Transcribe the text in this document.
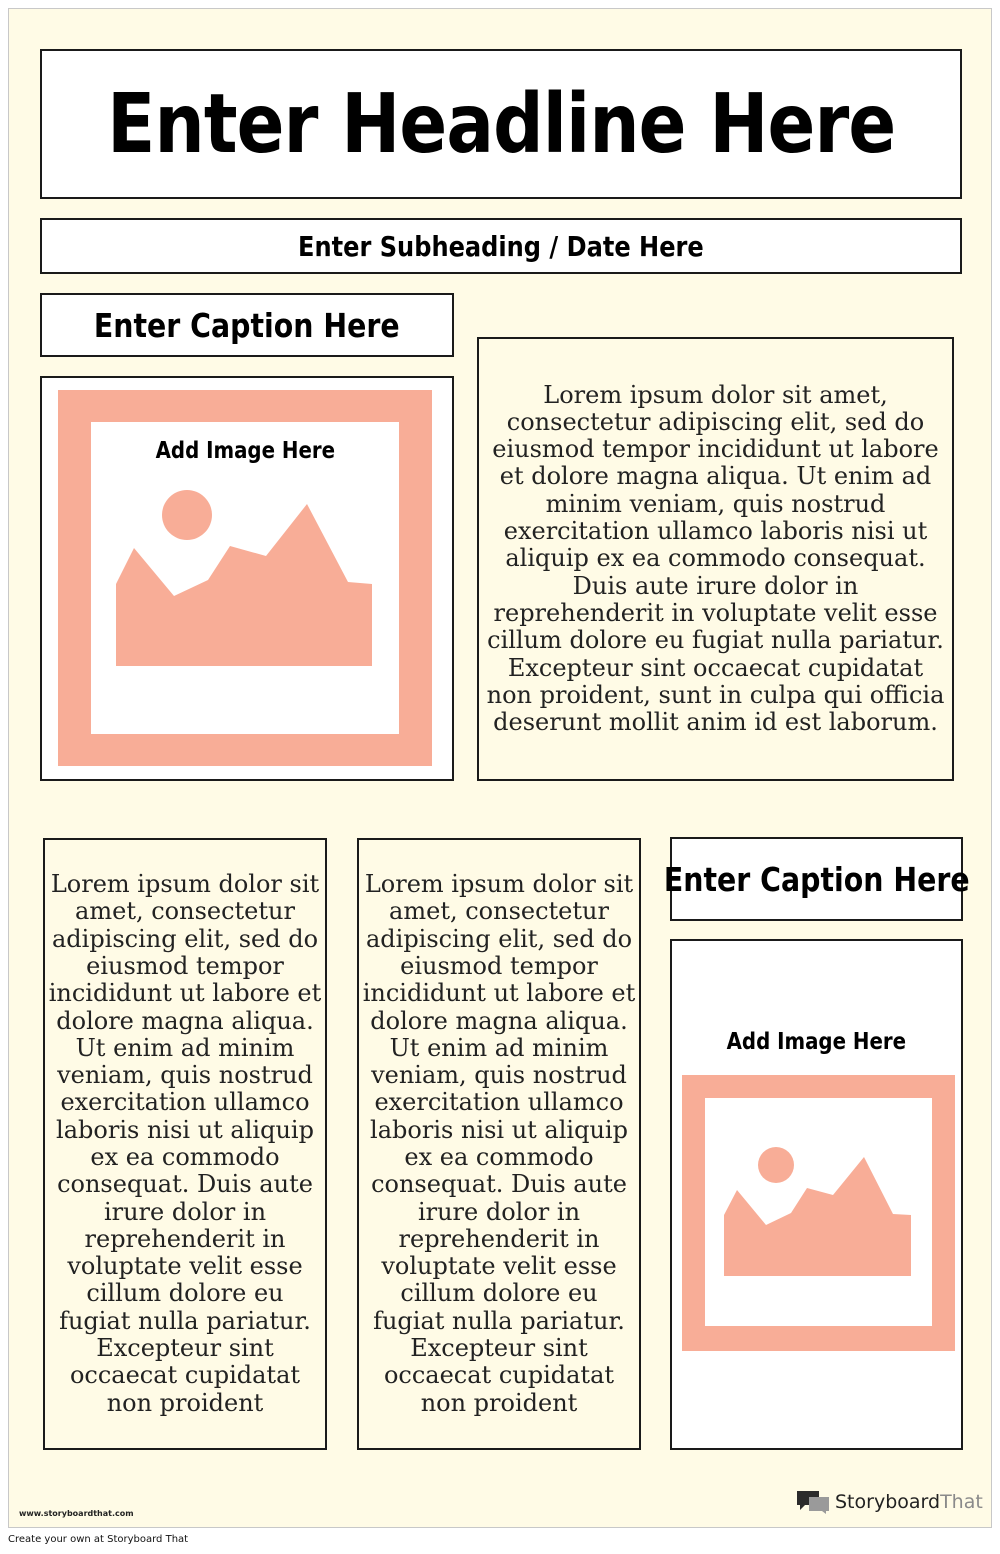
Enter Headline Here
Enter Subheading / Date Here
Enter Caption Here
Add Image Here

Lorem ipsum dolor sit amet, consectetur adipiscing elit, sed do eiusmod tempor incididunt ut labore et dolore magna aliqua. Ut enim ad minim veniam, quis nostrud exercitation ullamco laboris nisi ut aliquip ex ea commodo consequat. Duis aute irure dolor in reprehenderit in voluptate velit esse cillum dolore eu fugiat nulla pariatur. Excepteur sint occaecat cupidatat non proident, sunt in culpa qui officia deserunt mollit anim id est laborum.

Lorem ipsum dolor sit amet, consectetur adipiscing elit, sed do eiusmod tempor incididunt ut labore et dolore magna aliqua. Ut enim ad minim veniam, quis nostrud exercitation ullamco laboris nisi ut aliquip ex ea commodo consequat. Duis aute irure dolor in reprehenderit in voluptate velit esse cillum dolore eu fugiat nulla pariatur. Excepteur sint occaecat cupidatat non proident

Lorem ipsum dolor sit amet, consectetur adipiscing elit, sed do eiusmod tempor incididunt ut labore et dolore magna aliqua. Ut enim ad minim veniam, quis nostrud exercitation ullamco laboris nisi ut aliquip ex ea commodo consequat. Duis aute irure dolor in reprehenderit in voluptate velit esse cillum dolore eu fugiat nulla pariatur. Excepteur sint occaecat cupidatat non proident

Enter Caption Here
Add Image Here
www.storyboardthat.com
StoryboardThat
Create your own at Storyboard That
